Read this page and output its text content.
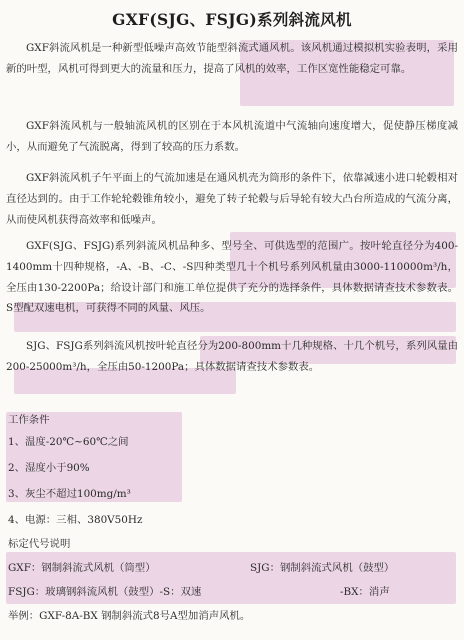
GXF(SJG、FSJG)系列斜流风机

GXF斜流风机是一种新型低噪声高效节能型斜流式通风机。该风机通过模拟机实验表明，采用新的叶型，风机可得到更大的流量和压力，提高了风机的效率，工作区宽性能稳定可靠。

GXF斜流风机与一般轴流风机的区别在于本风机流道中气流轴向速度增大，促使静压梯度减小，从而避免了气流脱离，得到了较高的压力系数。

GXF斜流风机子午平面上的气流加速是在通风机壳为筒形的条件下，依靠减速小进口轮毂相对直径达到的。由于工作轮轮毂锥角较小，避免了转子轮毂与后导轮有较大凸台所造成的气流分离，从而使风机获得高效率和低噪声。

GXF(SJG、FSJG)系列斜流风机品种多、型号全、可供选型的范围广。按叶轮直径分为400-1400mm十四种规格，-A、-B、-C、-S四种类型几十个机号系列风机量由3000-110000m³/h，全压由130-2200Pa；给设计部门和施工单位提供了充分的选择条件，具体数据请查技术参数表。S型配双速电机，可获得不同的风量、风压。

SJG、FSJG系列斜流风机按叶轮直径分为200-800mm十几种规格、十几个机号，系列风量由200-25000m³/h，全压由50-1200Pa；具体数据请查技术参数表。

工作条件
1、温度-20℃~60℃之间
2、湿度小于90%
3、灰尘不超过100mg/m³
4、电源：三相、380V50Hz
标定代号说明
GXF：钢制斜流式风机（筒型）	SJG：钢制斜流式风机（鼓型）
FSJG：玻璃钢斜流风机（鼓型）-S：双速	-BX：消声
举例：GXF-8A-BX 钢制斜流式8号A型加消声风机。
